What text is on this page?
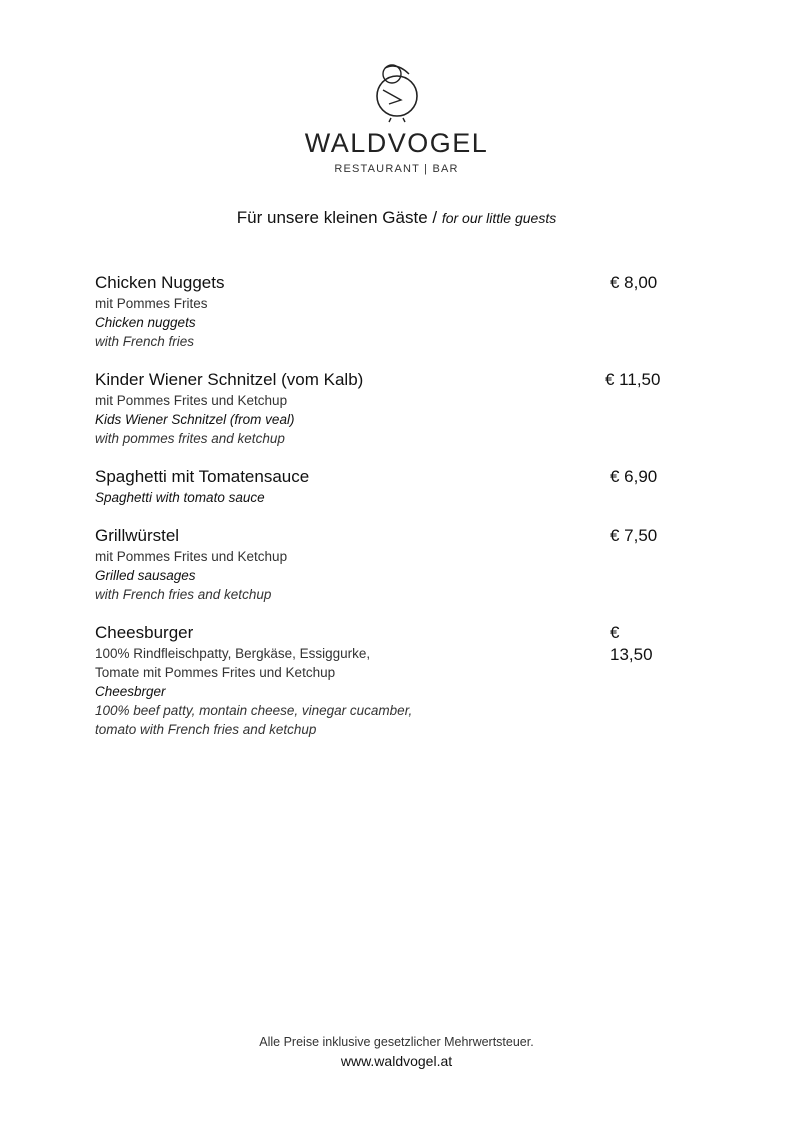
WALDVOGEL
RESTAURANT | BAR
Für unsere kleinen Gäste / for our little guests
Chicken Nuggets	€ 8,00
mit Pommes Frites
Chicken nuggets
with French fries
Kinder Wiener Schnitzel (vom Kalb)	€ 11,50
mit Pommes Frites und Ketchup
Kids Wiener Schnitzel (from veal)
with pommes frites and ketchup
Spaghetti mit Tomatensauce	€ 6,90
Spaghetti with tomato sauce
Grillwürstel	€ 7,50
mit Pommes Frites und Ketchup
Grilled sausages
with French fries and ketchup
Cheesburger	€ 13,50
100% Rindfleischpatty, Bergkäse, Essiggurke,
Tomate mit Pommes Frites und Ketchup
Cheesbrger
100% beef patty, montain cheese, vinegar cucamber,
tomato with French fries and ketchup
Alle Preise inklusive gesetzlicher Mehrwertsteuer.
www.waldvogel.at
